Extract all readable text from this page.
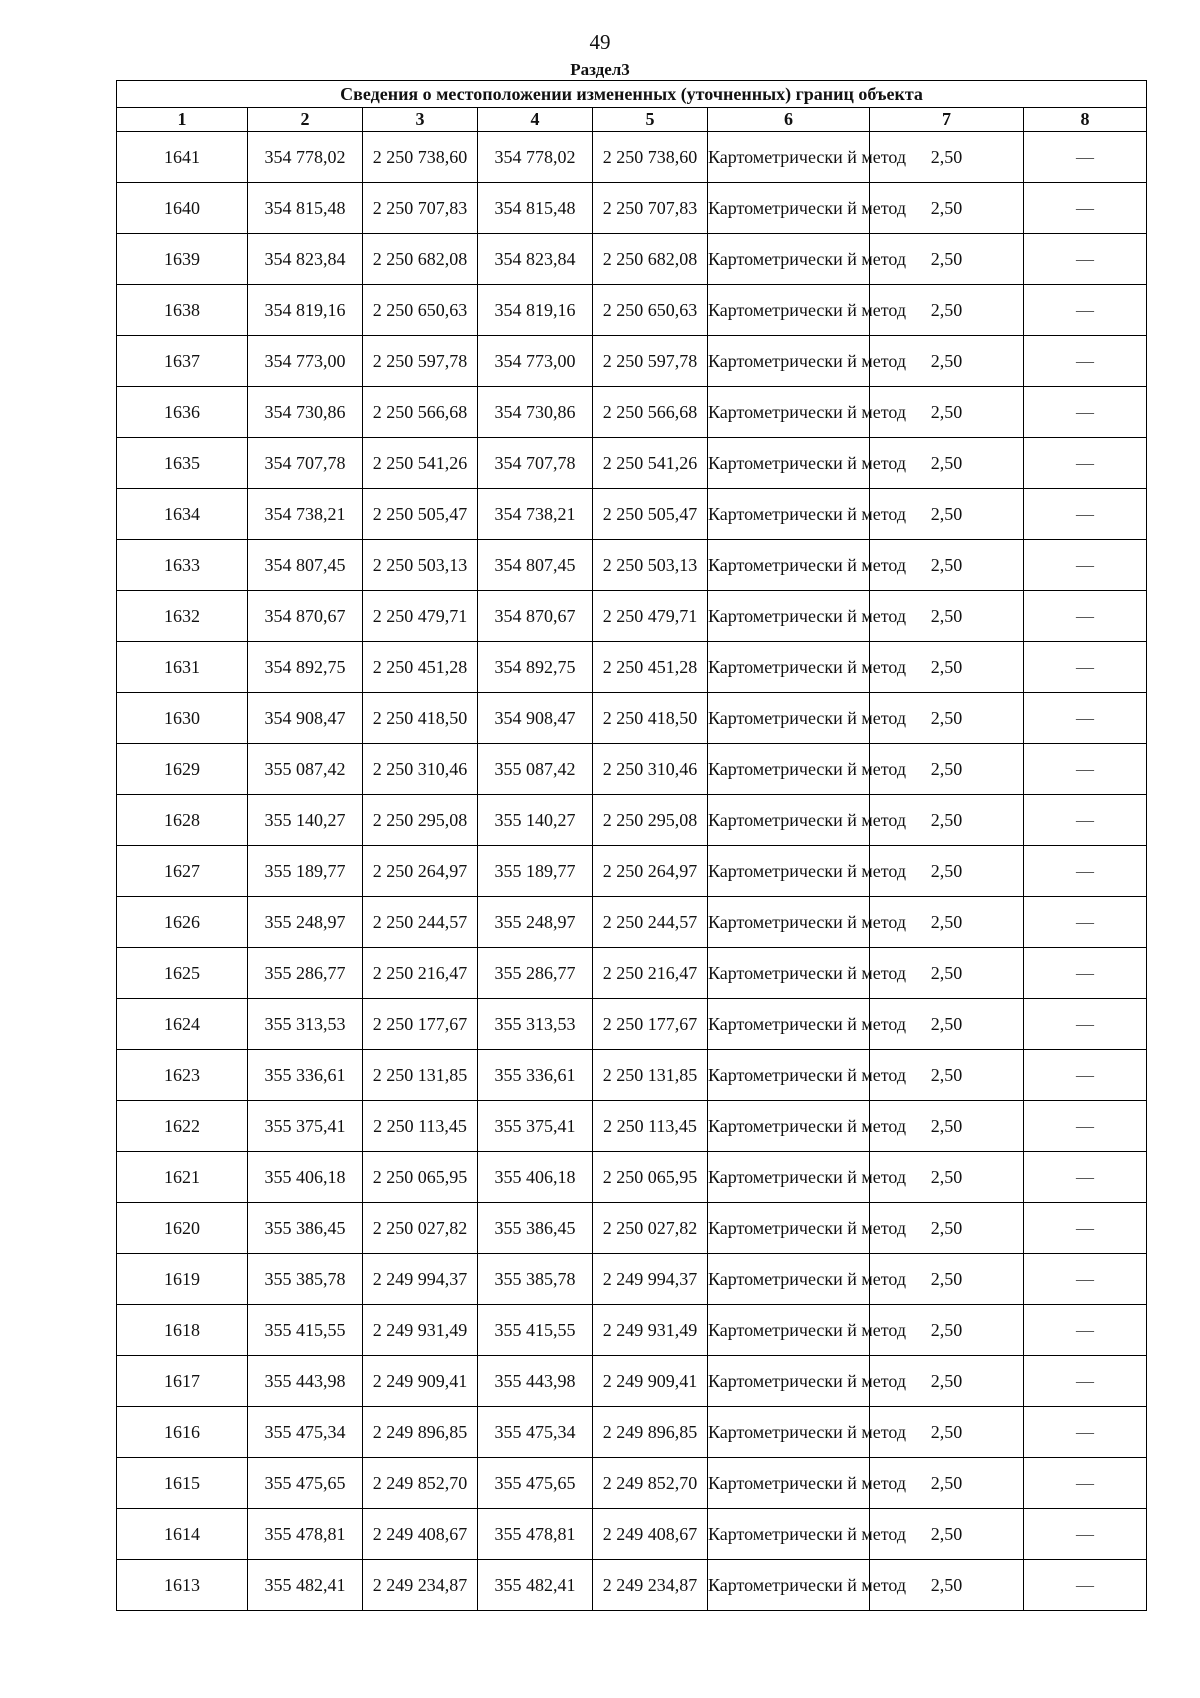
49
Раздел3
Сведения о местоположении измененных (уточненных) границ объекта							
1	2	3	4	5	6	7	8
1641	354 778,02	2 250 738,60	354 778,02	2 250 738,60	Картометрически й метод	2,50	—
1640	354 815,48	2 250 707,83	354 815,48	2 250 707,83	Картометрически й метод	2,50	—
1639	354 823,84	2 250 682,08	354 823,84	2 250 682,08	Картометрически й метод	2,50	—
1638	354 819,16	2 250 650,63	354 819,16	2 250 650,63	Картометрически й метод	2,50	—
1637	354 773,00	2 250 597,78	354 773,00	2 250 597,78	Картометрически й метод	2,50	—
1636	354 730,86	2 250 566,68	354 730,86	2 250 566,68	Картометрически й метод	2,50	—
1635	354 707,78	2 250 541,26	354 707,78	2 250 541,26	Картометрически й метод	2,50	—
1634	354 738,21	2 250 505,47	354 738,21	2 250 505,47	Картометрически й метод	2,50	—
1633	354 807,45	2 250 503,13	354 807,45	2 250 503,13	Картометрически й метод	2,50	—
1632	354 870,67	2 250 479,71	354 870,67	2 250 479,71	Картометрически й метод	2,50	—
1631	354 892,75	2 250 451,28	354 892,75	2 250 451,28	Картометрически й метод	2,50	—
1630	354 908,47	2 250 418,50	354 908,47	2 250 418,50	Картометрически й метод	2,50	—
1629	355 087,42	2 250 310,46	355 087,42	2 250 310,46	Картометрически й метод	2,50	—
1628	355 140,27	2 250 295,08	355 140,27	2 250 295,08	Картометрически й метод	2,50	—
1627	355 189,77	2 250 264,97	355 189,77	2 250 264,97	Картометрически й метод	2,50	—
1626	355 248,97	2 250 244,57	355 248,97	2 250 244,57	Картометрически й метод	2,50	—
1625	355 286,77	2 250 216,47	355 286,77	2 250 216,47	Картометрически й метод	2,50	—
1624	355 313,53	2 250 177,67	355 313,53	2 250 177,67	Картометрически й метод	2,50	—
1623	355 336,61	2 250 131,85	355 336,61	2 250 131,85	Картометрически й метод	2,50	—
1622	355 375,41	2 250 113,45	355 375,41	2 250 113,45	Картометрически й метод	2,50	—
1621	355 406,18	2 250 065,95	355 406,18	2 250 065,95	Картометрически й метод	2,50	—
1620	355 386,45	2 250 027,82	355 386,45	2 250 027,82	Картометрически й метод	2,50	—
1619	355 385,78	2 249 994,37	355 385,78	2 249 994,37	Картометрически й метод	2,50	—
1618	355 415,55	2 249 931,49	355 415,55	2 249 931,49	Картометрически й метод	2,50	—
1617	355 443,98	2 249 909,41	355 443,98	2 249 909,41	Картометрически й метод	2,50	—
1616	355 475,34	2 249 896,85	355 475,34	2 249 896,85	Картометрически й метод	2,50	—
1615	355 475,65	2 249 852,70	355 475,65	2 249 852,70	Картометрически й метод	2,50	—
1614	355 478,81	2 249 408,67	355 478,81	2 249 408,67	Картометрически й метод	2,50	—
1613	355 482,41	2 249 234,87	355 482,41	2 249 234,87	Картометрически й метод	2,50	—
